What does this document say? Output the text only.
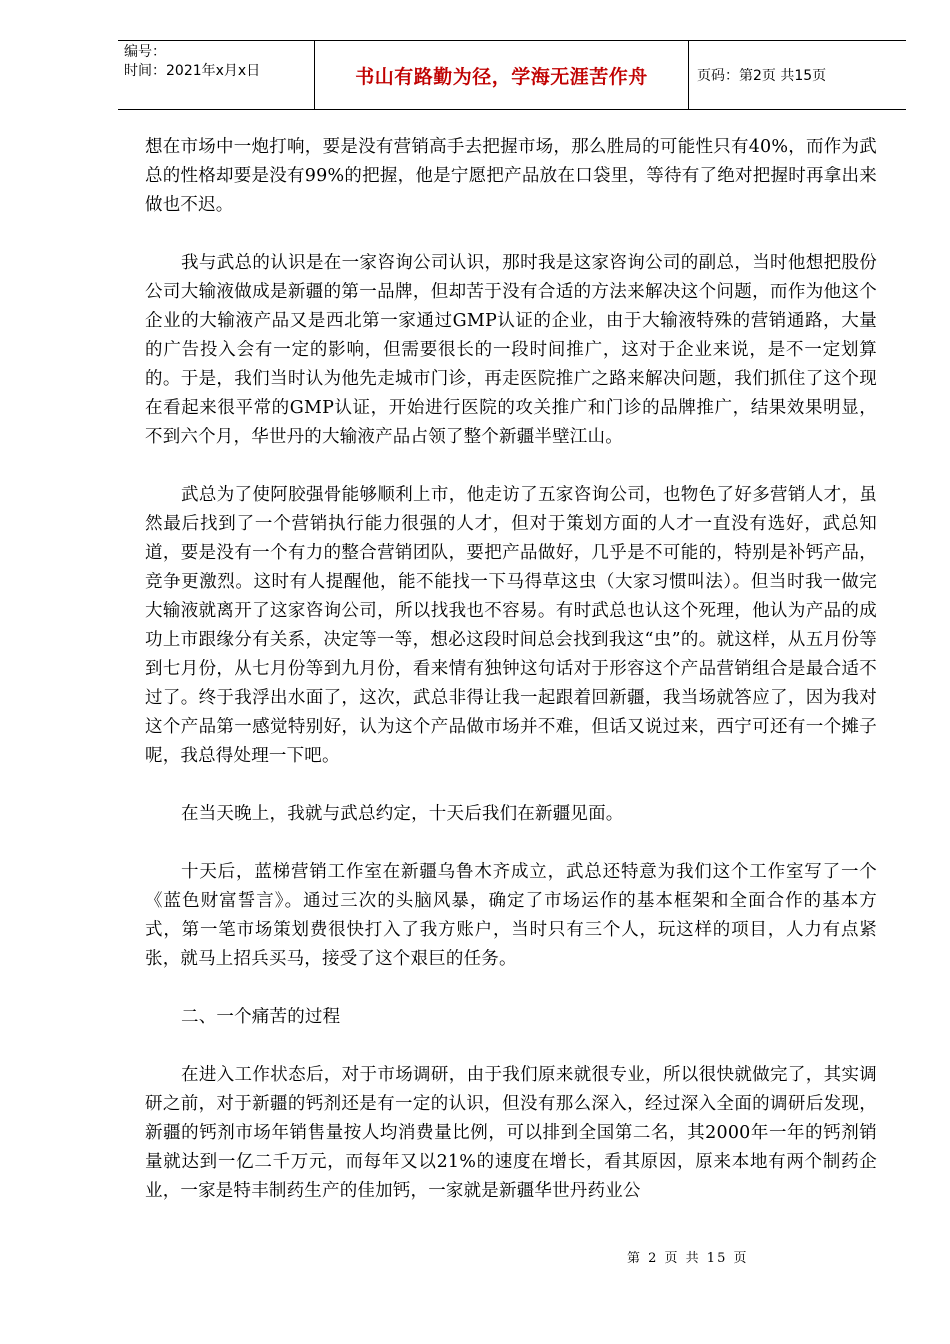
编号：
时间：2021年x月x日	书山有路勤为径，学海无涯苦作舟	页码：第2页 共15页

想在市场中一炮打响，要是没有营销高手去把握市场，那么胜局的可能性只有40%，而作为武总的性格却要是没有99%的把握，他是宁愿把产品放在口袋里，等待有了绝对把握时再拿出来做也不迟。

我与武总的认识是在一家咨询公司认识，那时我是这家咨询公司的副总，当时他想把股份公司大输液做成是新疆的第一品牌，但却苦于没有合适的方法来解决这个问题，而作为他这个企业的大输液产品又是西北第一家通过GMP认证的企业，由于大输液特殊的营销通路，大量的广告投入会有一定的影响，但需要很长的一段时间推广，这对于企业来说，是不一定划算的。于是，我们当时认为他先走城市门诊，再走医院推广之路来解决问题，我们抓住了这个现在看起来很平常的GMP认证，开始进行医院的攻关推广和门诊的品牌推广，结果效果明显，不到六个月，华世丹的大输液产品占领了整个新疆半壁江山。

武总为了使阿胶强骨能够顺利上市，他走访了五家咨询公司，也物色了好多营销人才，虽然最后找到了一个营销执行能力很强的人才，但对于策划方面的人才一直没有选好，武总知道，要是没有一个有力的整合营销团队，要把产品做好，几乎是不可能的，特别是补钙产品，竞争更激烈。这时有人提醒他，能不能找一下马得草这虫（大家习惯叫法）。但当时我一做完大输液就离开了这家咨询公司，所以找我也不容易。有时武总也认这个死理，他认为产品的成功上市跟缘分有关系，决定等一等，想必这段时间总会找到我这“虫”的。就这样，从五月份等到七月份，从七月份等到九月份，看来情有独钟这句话对于形容这个产品营销组合是最合适不过了。终于我浮出水面了，这次，武总非得让我一起跟着回新疆，我当场就答应了，因为我对这个产品第一感觉特别好，认为这个产品做市场并不难，但话又说过来，西宁可还有一个摊子呢，我总得处理一下吧。

在当天晚上，我就与武总约定，十天后我们在新疆见面。

十天后，蓝梯营销工作室在新疆乌鲁木齐成立，武总还特意为我们这个工作室写了一个《蓝色财富誓言》。通过三次的头脑风暴，确定了市场运作的基本框架和全面合作的基本方式，第一笔市场策划费很快打入了我方账户，当时只有三个人，玩这样的项目，人力有点紧张，就马上招兵买马，接受了这个艰巨的任务。

二、一个痛苦的过程

在进入工作状态后，对于市场调研，由于我们原来就很专业，所以很快就做完了，其实调研之前，对于新疆的钙剂还是有一定的认识，但没有那么深入，经过深入全面的调研后发现，新疆的钙剂市场年销售量按人均消费量比例，可以排到全国第二名，其2000年一年的钙剂销量就达到一亿二千万元，而每年又以21%的速度在增长，看其原因，原来本地有两个制药企业，一家是特丰制药生产的佳加钙，一家就是新疆华世丹药业公

第 2 页 共 15 页
